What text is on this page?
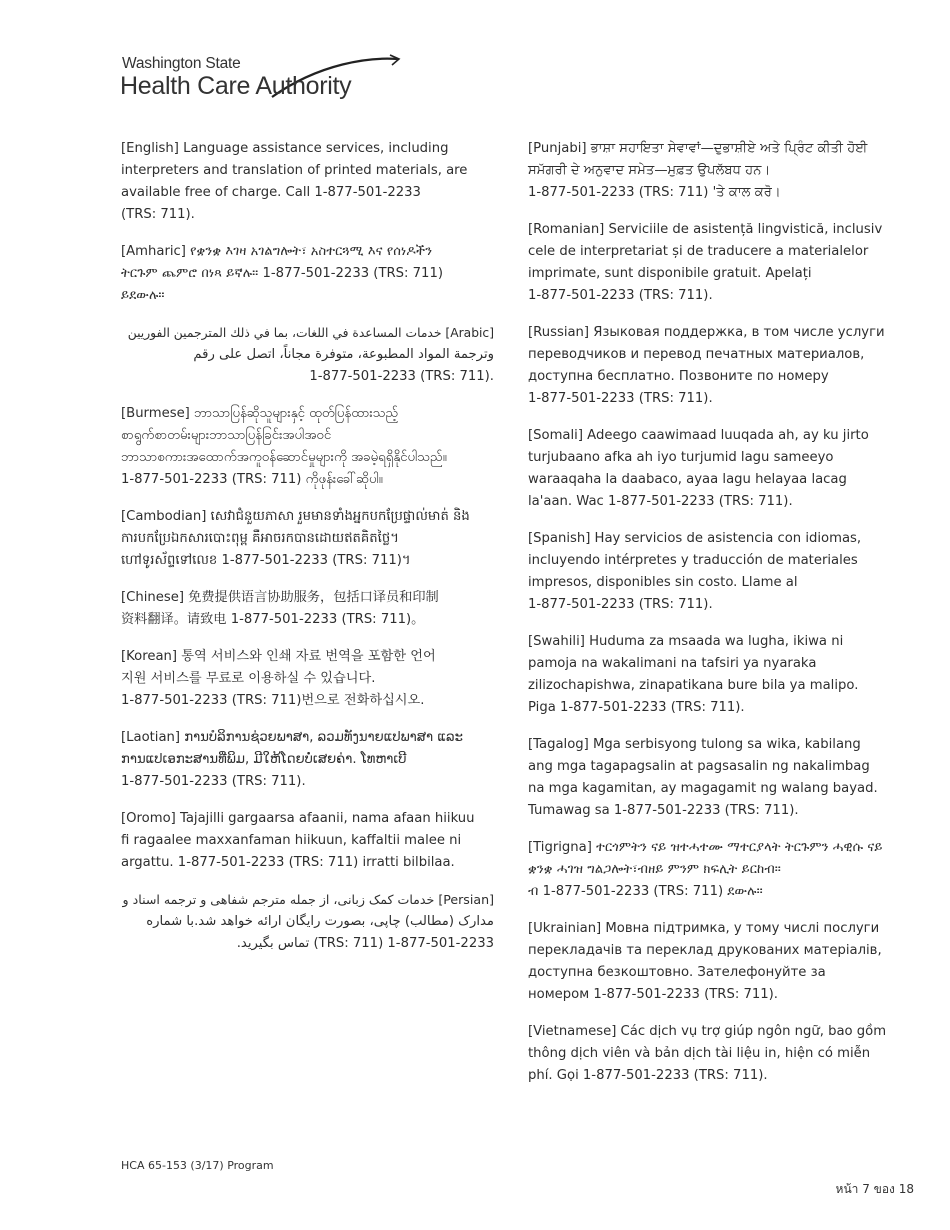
Washington State
Health Care Authority
[English] Language assistance services, including
interpreters and translation of printed materials, are
available free of charge. Call 1-877-501-2233
(TRS: 711).
[Amharic] የቋንቋ እገዛ አገልግሎት፣ አስተርጓሚ እና የሰነዶችን
ትርጉም ጨምሮ በነጻ ይኛሉ። 1-877-501-2233 (TRS: 711)
ይደውሉ።
[Arabic] خدمات المساعدة في اللغات، بما في ذلك المترجمين الفوريين
وترجمة المواد المطبوعة، متوفرة مجاناً، اتصل على رقم
.(TRS: 711) 1-877-501-2233
[Burmese] ဘာသာပြန်ဆိုသူများနှင့် ထုတ်ပြန်ထားသည့်
စာရွက်စာတမ်းများဘာသာပြန်ခြင်းအပါအဝင်
ဘာသာစကားအထောက်အကူဝန်ဆောင်မှုများကို အခမဲ့ရရှိနိုင်ပါသည်။
1-877-501-2233 (TRS: 711) ကိုဖုန်းခေါ်ဆိုပါ။
[Cambodian] សេវាជំនួយភាសា រួមមានទាំងអ្នកបកប្រែផ្ទាល់មាត់ និង
ការបកប្រែឯកសារបោះពុម្ព គឺអាចរកបានដោយឥតគិតថ្លៃ។
ហៅទូរស័ព្ទទៅលេខ 1-877-501-2233 (TRS: 711)។
[Chinese] 免费提供语言协助服务，包括口译员和印制
资料翻译。请致电 1-877-501-2233 (TRS: 711)。
[Korean] 통역 서비스와 인쇄 자료 번역을 포함한 언어
지원 서비스를 무료로 이용하실 수 있습니다.
1-877-501-2233 (TRS: 711)번으로 전화하십시오.
[Laotian] ການບໍລິການຊ່ວຍພາສາ, ລວມທັງນາຍແປພາສາ ແລະ
ການແປເອກະສານທີ່ພິມ, ມີໃຫ້ໂດຍບໍ່ເສຍຄ່າ. ໂທຫາເບີ
1-877-501-2233 (TRS: 711).
[Oromo] Tajajilli gargaarsa afaanii, nama afaan hiikuu
fi ragaalee maxxanfaman hiikuun, kaffaltii malee ni
argattu. 1-877-501-2233 (TRS: 711) irratti bilbilaa.
[Persian] خدمات کمک زبانی، از جمله مترجم شفاهی و ترجمه اسناد و
مدارک (مطالب) چاپی، بصورت رایگان ارائه خواهد شد.با شماره
1-877-501-2233 (TRS: 711) تماس بگیرید.
[Punjabi] ਭਾਸ਼ਾ ਸਹਾਇਤਾ ਸੇਵਾਵਾਂ—ਦੁਭਾਸ਼ੀਏ ਅਤੇ ਪ੍ਰਿੰਟ ਕੀਤੀ ਹੋਈ
ਸਮੱਗਰੀ ਦੇ ਅਨੁਵਾਦ ਸਮੇਤ—ਮੁਫ਼ਤ ਉਪਲੱਬਧ ਹਨ।
1-877-501-2233 (TRS: 711) 'ਤੇ ਕਾਲ ਕਰੋ।
[Romanian] Serviciile de asistență lingvistică, inclusiv
cele de interpretariat și de traducere a materialelor
imprimate, sunt disponibile gratuit. Apelați
1-877-501-2233 (TRS: 711).
[Russian] Языковая поддержка, в том числе услуги
переводчиков и перевод печатных материалов,
доступна бесплатно. Позвоните по номеру
1-877-501-2233 (TRS: 711).
[Somali] Adeego caawimaad luuqada ah, ay ku jirto
turjubaano afka ah iyo turjumid lagu sameeyo
waraaqaha la daabaco, ayaa lagu helayaa lacag
la'aan. Wac 1-877-501-2233 (TRS: 711).
[Spanish] Hay servicios de asistencia con idiomas,
incluyendo intérpretes y traducción de materiales
impresos, disponibles sin costo. Llame al
1-877-501-2233 (TRS: 711).
[Swahili] Huduma za msaada wa lugha, ikiwa ni
pamoja na wakalimani na tafsiri ya nyaraka
zilizochapishwa, zinapatikana bure bila ya malipo.
Piga 1-877-501-2233 (TRS: 711).
[Tagalog] Mga serbisyong tulong sa wika, kabilang
ang mga tagapagsalin at pagsasalin ng nakalimbag
na mga kagamitan, ay magagamit ng walang bayad.
Tumawag sa 1-877-501-2233 (TRS: 711).
[Tigrigna] ተርጎምትን ናይ ዝተሓተሙ ማተርያላት ትርጉምን ሓዊሱ ናይ
ቋንቋ ሓገዝ ግልጋሎት፣ብዘይ ምንም ክፍሊት ይርከብ።
ብ 1-877-501-2233 (TRS: 711) ደውሉ።
[Ukrainian] Мовна підтримка, у тому числі послуги
перекладачів та переклад друкованих матеріалів,
доступна безкоштовно. Зателефонуйте за
номером 1-877-501-2233 (TRS: 711).
[Vietnamese] Các dịch vụ trợ giúp ngôn ngữ, bao gồm
thông dịch viên và bản dịch tài liệu in, hiện có miễn
phí. Gọi 1-877-501-2233 (TRS: 711).
HCA 65-153 (3/17) Program
หน้า 7 ของ 18
